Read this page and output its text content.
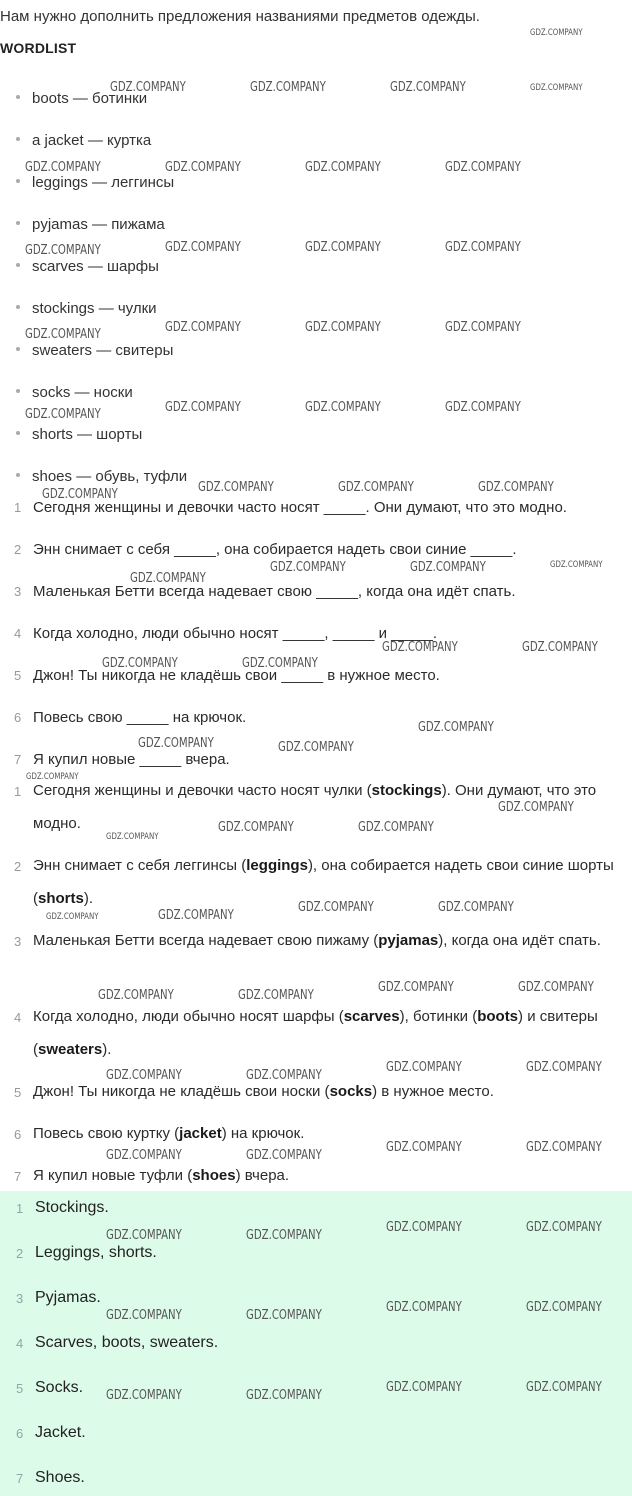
Нам нужно дополнить предложения названиями предметов одежды.
WORDLIST
boots — ботинки
a jacket — куртка
leggings — леггинсы
pyjamas — пижама
scarves — шарфы
stockings — чулки
sweaters — свитеры
socks — носки
shorts — шорты
shoes — обувь, туфли
1 Сегодня женщины и девочки часто носят _____. Они думают, что это модно.
2 Энн снимает с себя _____, она собирается надеть свои синие _____.
3 Маленькая Бетти всегда надевает свою _____, когда она идёт спать.
4 Когда холодно, люди обычно носят _____, _____ и _____.
5 Джон! Ты никогда не кладёшь свои _____ в нужное место.
6 Повесь свою _____ на крючок.
7 Я купил новые _____ вчера.
1 Сегодня женщины и девочки часто носят чулки (stockings). Они думают, что это модно.
2 Энн снимает с себя леггинсы (leggings), она собирается надеть свои синие шорты (shorts).
3 Маленькая Бетти всегда надевает свою пижаму (pyjamas), когда она идёт спать.
4 Когда холодно, люди обычно носят шарфы (scarves), ботинки (boots) и свитеры (sweaters).
5 Джон! Ты никогда не кладёшь свои носки (socks) в нужное место.
6 Повесь свою куртку (jacket) на крючок.
7 Я купил новые туфли (shoes) вчера.
1 Stockings.
2 Leggings, shorts.
3 Pyjamas.
4 Scarves, boots, sweaters.
5 Socks.
6 Jacket.
7 Shoes.
GDZ.COMPANY
GDZ.COMPANY	GDZ.COMPANY	GDZ.COMPANY	GDZ.COMPANY
GDZ.COMPANY	GDZ.COMPANY	GDZ.COMPANY	GDZ.COMPANY
GDZ.COMPANY	GDZ.COMPANY	GDZ.COMPANY	GDZ.COMPANY
GDZ.COMPANY	GDZ.COMPANY	GDZ.COMPANY	GDZ.COMPANY
GDZ.COMPANY	GDZ.COMPANY	GDZ.COMPANY	GDZ.COMPANY
GDZ.COMPANY	GDZ.COMPANY	GDZ.COMPANY	GDZ.COMPANY
GDZ.COMPANY	GDZ.COMPANY	GDZ.COMPANY
GDZ.COMPANY
GDZ.COMPANY	GDZ.COMPANY
GDZ.COMPANY	GDZ.COMPANY
GDZ.COMPANY
GDZ.COMPANY	GDZ.COMPANY
GDZ.COMPANY
GDZ.COMPANY
GDZ.COMPANY
GDZ.COMPANY	GDZ.COMPANY
GDZ.COMPANY	GDZ.COMPANY
GDZ.COMPANY	GDZ.COMPANY
GDZ.COMPANY	GDZ.COMPANY
GDZ.COMPANY	GDZ.COMPANY
GDZ.COMPANY	GDZ.COMPANY
GDZ.COMPANY	GDZ.COMPANY
GDZ.COMPANY	GDZ.COMPANY
GDZ.COMPANY	GDZ.COMPANY
GDZ.COMPANY	GDZ.COMPANY
GDZ.COMPANY	GDZ.COMPANY
GDZ.COMPANY	GDZ.COMPANY
GDZ.COMPANY	GDZ.COMPANY
GDZ.COMPANY	GDZ.COMPANY
GDZ.COMPANY	GDZ.COMPANY
